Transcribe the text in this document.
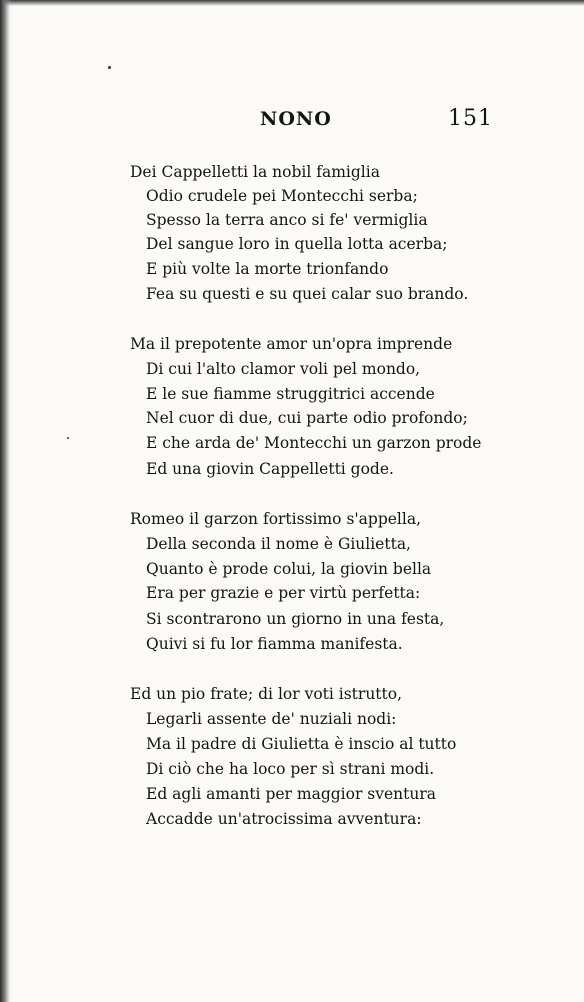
NONO	151
Dei Cappelletti la nobil famiglia
Odio crudele pei Montecchi serba;
Spesso la terra anco si fe' vermiglia
Del sangue loro in quella lotta acerba;
E più volte la morte trionfando
Fea su questi e su quei calar suo brando.
Ma il prepotente amor un'opra imprende
Di cui l'alto clamor voli pel mondo,
E le sue fiamme struggitrici accende
Nel cuor di due, cui parte odio profondo;
E che arda de' Montecchi un garzon prode
Ed una giovin Cappelletti gode.
Romeo il garzon fortissimo s'appella,
Della seconda il nome è Giulietta,
Quanto è prode colui, la giovin bella
Era per grazie e per virtù perfetta:
Si scontrarono un giorno in una festa,
Quivi si fu lor fiamma manifesta.
Ed un pio frate; di lor voti istrutto,
Legarli assente de' nuziali nodi:
Ma il padre di Giulietta è inscio al tutto
Di ciò che ha loco per sì strani modi.
Ed agli amanti per maggior sventura
Accadde un'atrocissima avventura:
